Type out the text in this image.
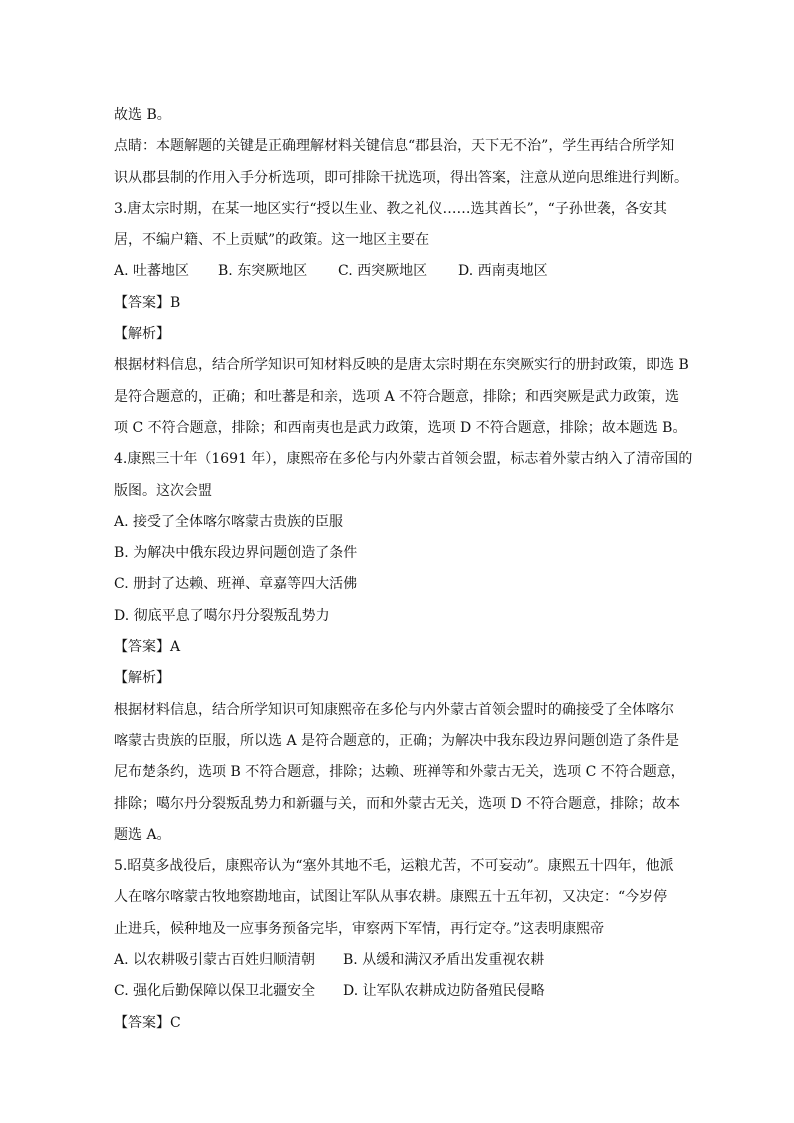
故选 B。
点睛：本题解题的关键是正确理解材料关键信息“郡县治，天下无不治”，学生再结合所学知
识从郡县制的作用入手分析选项，即可排除干扰选项，得出答案，注意从逆向思维进行判断。
3.唐太宗时期，在某一地区实行“授以生业、教之礼仪……选其酋长”，“子孙世袭，各安其
居，不编户籍、不上贡赋”的政策。这一地区主要在
A. 吐蕃地区	B. 东突厥地区	C. 西突厥地区	D. 西南夷地区
【答案】B
【解析】
根据材料信息，结合所学知识可知材料反映的是唐太宗时期在东突厥实行的册封政策，即选 B
是符合题意的，正确；和吐蕃是和亲，选项 A 不符合题意，排除；和西突厥是武力政策，选
项 C 不符合题意，排除；和西南夷也是武力政策，选项 D 不符合题意，排除；故本题选 B。
4.康熙三十年（1691 年），康熙帝在多伦与内外蒙古首领会盟，标志着外蒙古纳入了清帝国的
版图。这次会盟
A. 接受了全体喀尔喀蒙古贵族的臣服
B. 为解决中俄东段边界问题创造了条件
C. 册封了达赖、班禅、章嘉等四大活佛
D. 彻底平息了噶尔丹分裂叛乱势力
【答案】A
【解析】
根据材料信息，结合所学知识可知康熙帝在多伦与内外蒙古首领会盟时的确接受了全体喀尔
喀蒙古贵族的臣服，所以选 A 是符合题意的，正确；为解决中我东段边界问题创造了条件是
尼布楚条约，选项 B 不符合题意，排除；达赖、班禅等和外蒙古无关，选项 C 不符合题意，
排除；噶尔丹分裂叛乱势力和新疆与关，而和外蒙古无关，选项 D 不符合题意，排除；故本
题选 A。
5.昭莫多战役后，康熙帝认为“塞外其地不毛，运粮尤苦，不可妄动”。康熙五十四年，他派
人在喀尔喀蒙古牧地察勘地亩，试图让军队从事农耕。康熙五十五年初，又决定：“今岁停
止进兵，候种地及一应事务预备完毕，审察两下军情，再行定夺。”这表明康熙帝
A. 以农耕吸引蒙古百姓归顺清朝	B. 从缓和满汉矛盾出发重视农耕
C. 强化后勤保障以保卫北疆安全	D. 让军队农耕成边防备殖民侵略
【答案】C
